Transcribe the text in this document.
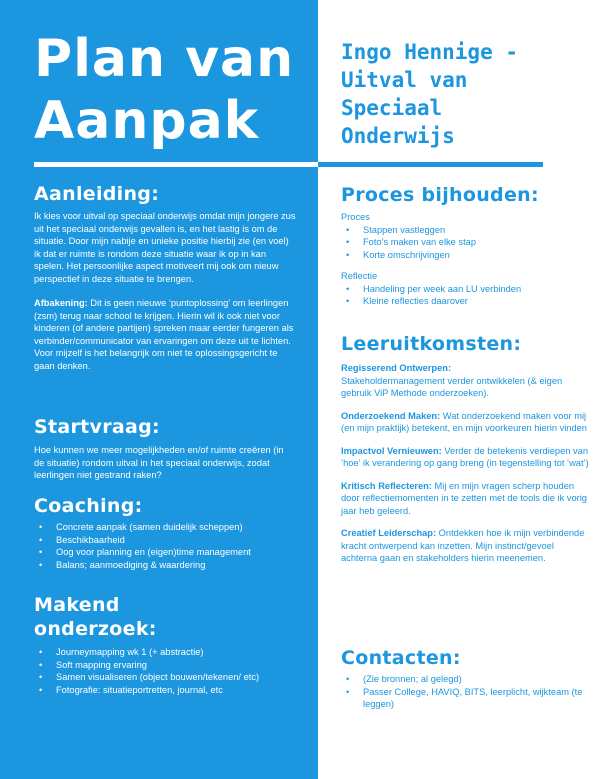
Plan van
Aanpak
Aanleiding:

Ik kies voor uitval op speciaal onderwijs omdat mijn jongere zus uit het speciaal onderwijs gevallen is, en het lastig is om de situatie. Door mijn nabije en unieke positie hierbij zie (en voel) ik dat er ruimte is rondom deze situatie waar ik op in kan spelen. Het persoonlijke aspect motiveert mij ook om nieuw perspectief in deze situatie te brengen.

Afbakening: Dit is geen nieuwe ‘puntoplossing’ om leerlingen (zsm) terug naar school te krijgen. Hierin wil ik ook niet voor kinderen (of andere partijen) spreken maar eerder fungeren als verbinder/communicator van ervaringen om deze uit te lichten. Voor mijzelf is het belangrijk om niet te oplossingsgericht te gaan denken.

Startvraag:

Hoe kunnen we meer mogelijkheden en/of ruimte creëren (in de situatie) rondom uitval in het speciaal onderwijs, zodat leerlingen niet gestrand raken?

Coaching:
• Concrete aanpak (samen duidelijk scheppen)
• Beschikbaarheid
• Oog voor planning en (eigen)time management
• Balans; aanmoediging & waardering
Makend
onderzoek:
• Journeymapping wk 1 (+ abstractie)
• Soft mapping ervaring
• Samen visualiseren (object bouwen/tekenen/ etc)
• Fotografie: situatieportretten, journal, etc
Ingo Hennige -
Uitval van
Speciaal
Onderwijs
Proces bijhouden:

Proces

• Stappen vastleggen
• Foto’s maken van elke stap
• Korte omschrijvingen

Reflectie

• Handeling per week aan LU verbinden
• Kleine reflecties daarover
Leeruitkomsten:

Regisserend Ontwerpen:
Stakeholdermanagement verder ontwikkelen (& eigen gebruik ViP Methode onderzoeken).

Onderzoekend Maken: Wat onderzoekend maken voor mij (en mijn praktijk) betekent, en mijn voorkeuren hierin vinden

Impactvol Vernieuwen: Verder de betekenis verdiepen van ‘hoe’ ik verandering op gang breng (in tegenstelling tot ‘wat’)

Kritisch Reflecteren: Mij en mijn vragen scherp houden door reflectiemomenten in te zetten met de tools die ik vorig jaar heb geleerd.

Creatief Leiderschap: Ontdekken hoe ik mijn verbindende kracht ontwerpend kan inzetten. Mijn instinct/gevoel achterna gaan en stakeholders hierin meenemen.

Contacten:
• (Zie bronnen; al gelegd)
• Passer College, HAVIQ, BITS, leerplicht, wijkteam (te leggen)
